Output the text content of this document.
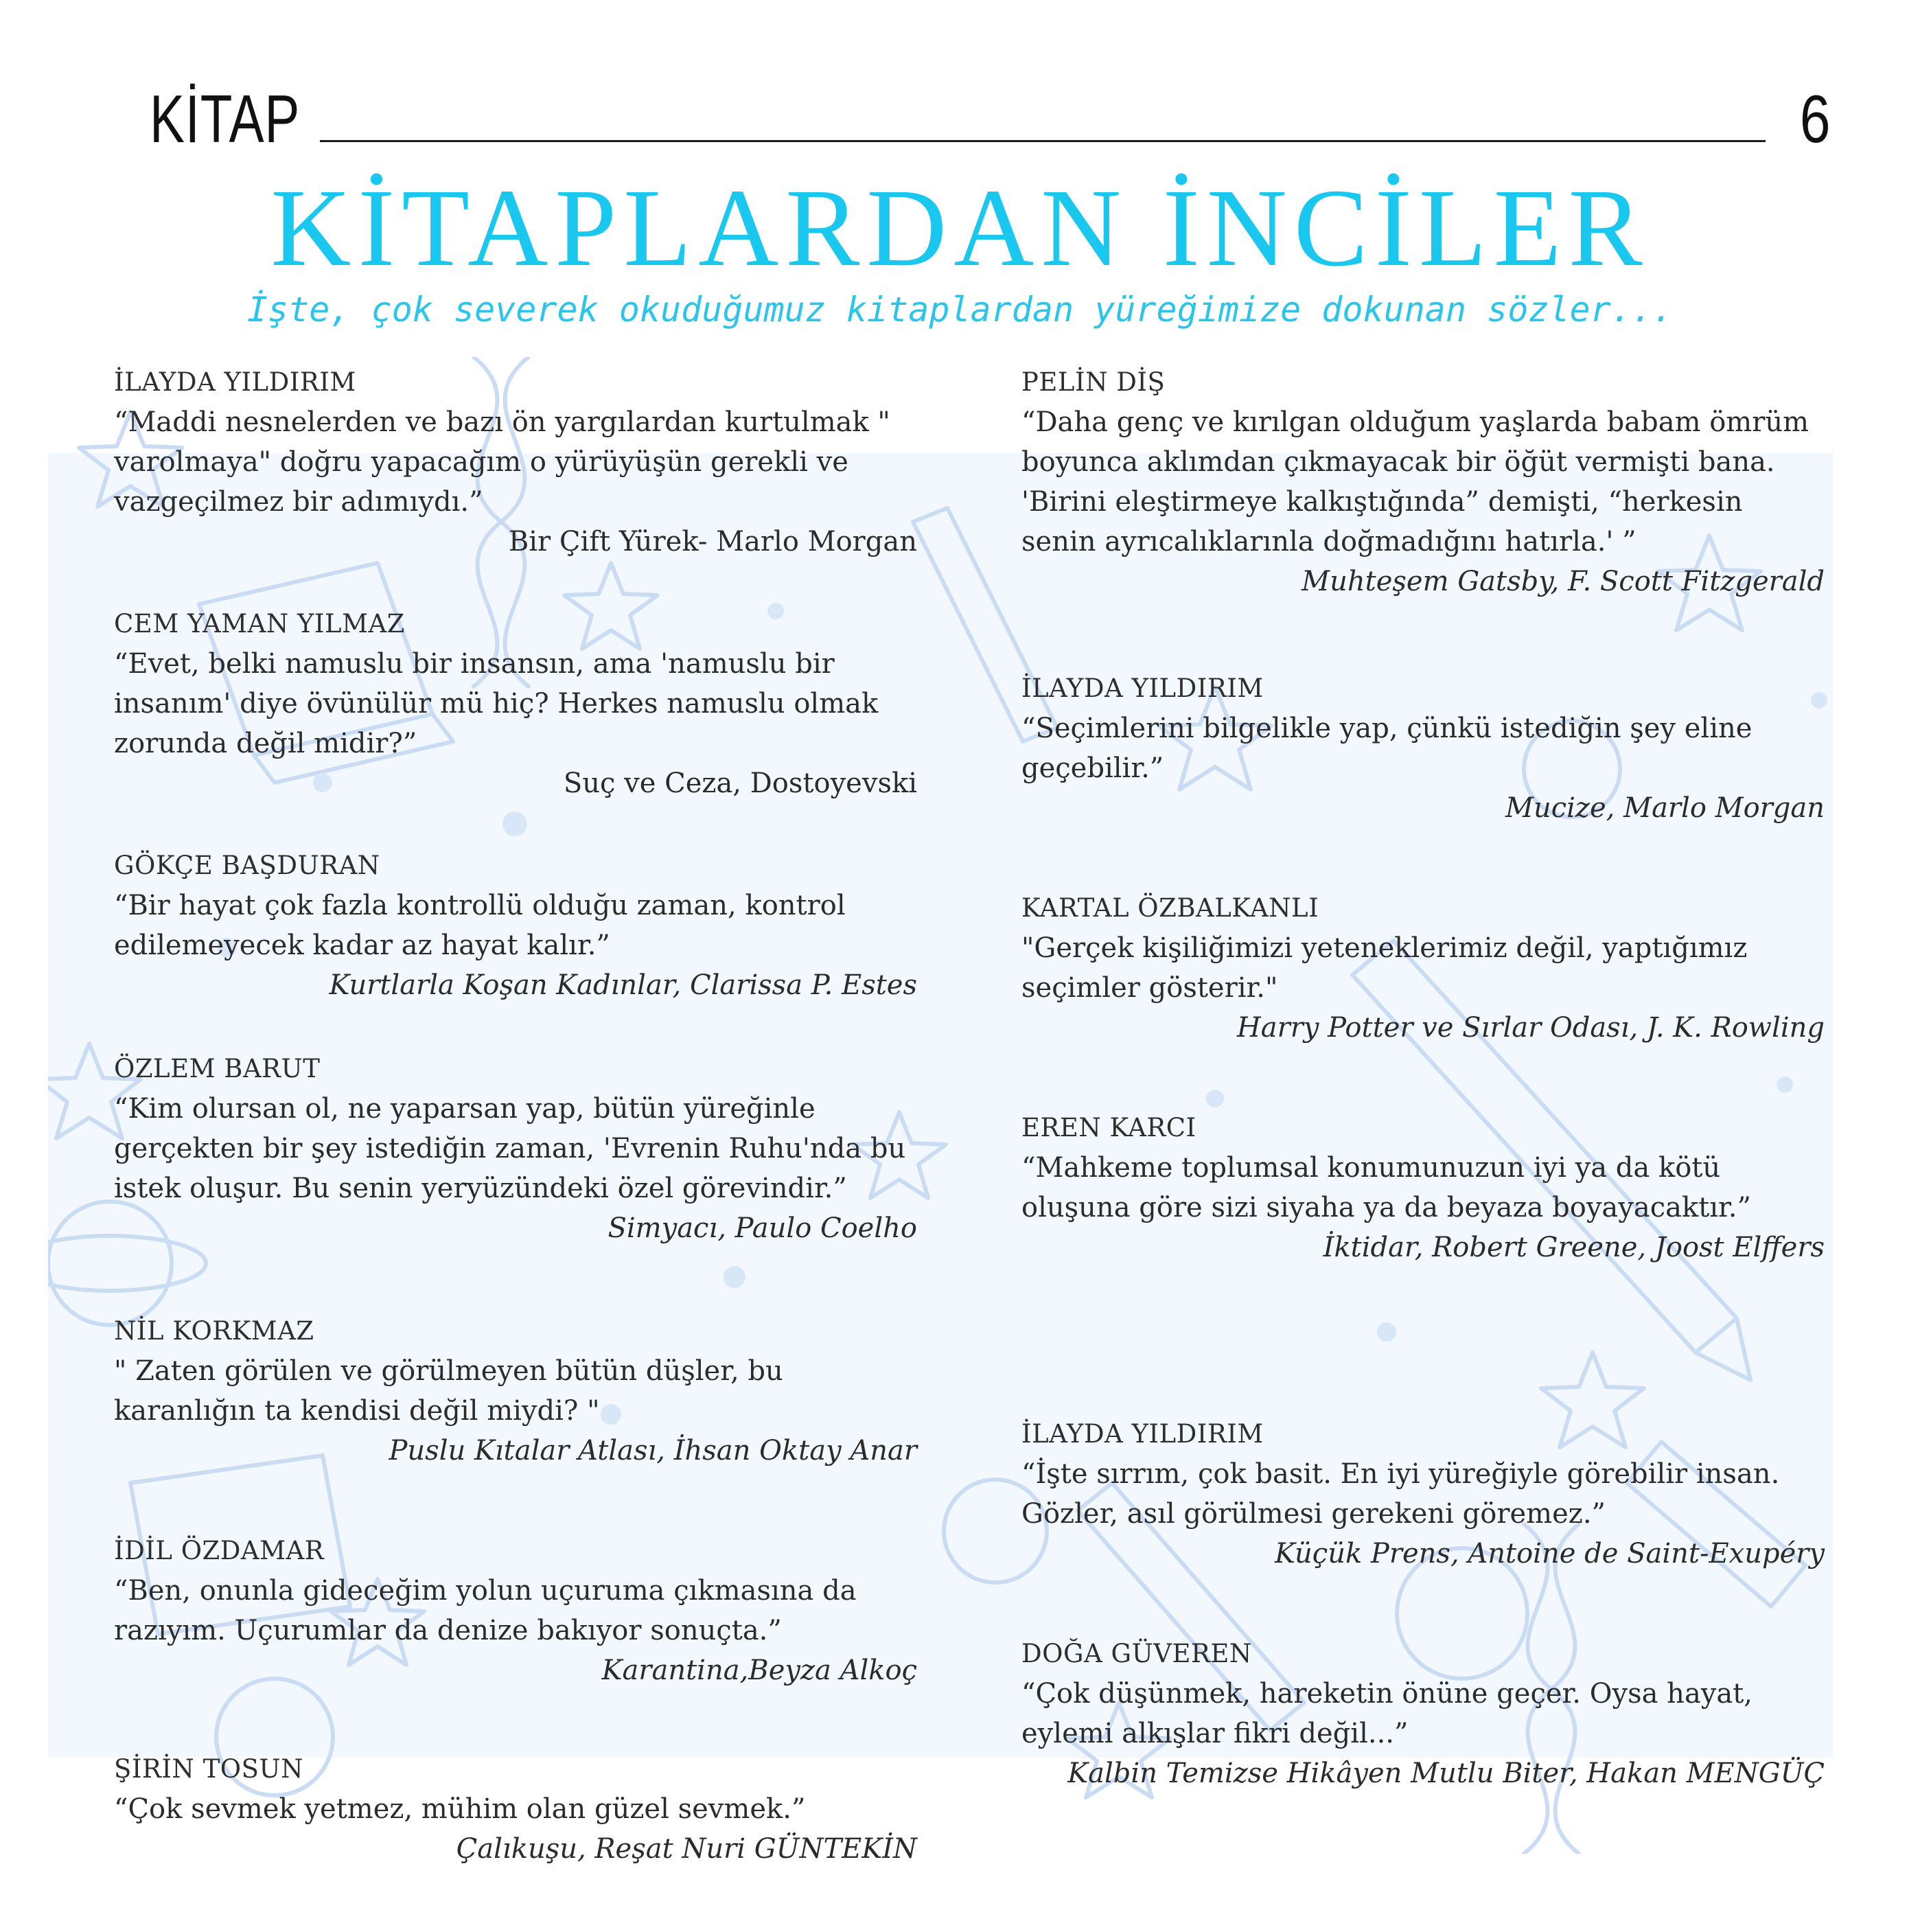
KİTAP	6
KİTAPLARDAN İNCİLER
İşte, çok severek okuduğumuz kitaplardan yüreğimize dokunan sözler...
İLAYDA YILDIRIM
“Maddi nesnelerden ve bazı ön yargılardan kurtulmak " varolmaya" doğru yapacağım o yürüyüşün gerekli ve vazgeçilmez bir adımıydı.”
Bir Çift Yürek- Marlo Morgan
CEM YAMAN YILMAZ
“Evet, belki namuslu bir insansın, ama 'namuslu bir insanım' diye övünülür mü hiç? Herkes namuslu olmak zorunda değil midir?”
Suç ve Ceza, Dostoyevski
GÖKÇE BAŞDURAN
“Bir hayat çok fazla kontrollü olduğu zaman, kontrol edilemeyecek kadar az hayat kalır.”
Kurtlarla Koşan Kadınlar, Clarissa P. Estes
ÖZLEM BARUT
“Kim olursan ol, ne yaparsan yap, bütün yüreğinle gerçekten bir şey istediğin zaman, 'Evrenin Ruhu'nda bu istek oluşur. Bu senin yeryüzündeki özel görevindir.”
Simyacı, Paulo Coelho
NİL KORKMAZ
" Zaten görülen ve görülmeyen bütün düşler, bu karanlığın ta kendisi değil miydi? "
Puslu Kıtalar Atlası, İhsan Oktay Anar
İDİL ÖZDAMAR
“Ben, onunla gideceğim yolun uçuruma çıkmasına da razıyım. Uçurumlar da denize bakıyor sonuçta.”
Karantina,Beyza Alkoç
ŞİRİN TOSUN
“Çok sevmek yetmez, mühim olan güzel sevmek.”
Çalıkuşu, Reşat Nuri GÜNTEKİN
PELİN DİŞ
“Daha genç ve kırılgan olduğum yaşlarda babam ömrüm boyunca aklımdan çıkmayacak bir öğüt vermişti bana. 'Birini eleştirmeye kalkıştığında” demişti, “herkesin senin ayrıcalıklarınla doğmadığını hatırla.' ”
Muhteşem Gatsby, F. Scott Fitzgerald
İLAYDA YILDIRIM
“Seçimlerini bilgelikle yap, çünkü istediğin şey eline geçebilir.”
Mucize, Marlo Morgan
KARTAL ÖZBALKANLI
"Gerçek kişiliğimizi yeteneklerimiz değil, yaptığımız seçimler gösterir."
Harry Potter ve Sırlar Odası, J. K. Rowling
EREN KARCI
“Mahkeme toplumsal konumunuzun iyi ya da kötü oluşuna göre sizi siyaha ya da beyaza boyayacaktır.”
İktidar, Robert Greene, Joost Elffers
İLAYDA YILDIRIM
“İşte sırrım, çok basit. En iyi yüreğiyle görebilir insan. Gözler, asıl görülmesi gerekeni göremez.”
Küçük Prens, Antoine de Saint-Exupéry
DOĞA GÜVEREN
“Çok düşünmek, hareketin önüne geçer. Oysa hayat, eylemi alkışlar fikri değil...”
Kalbin Temizse Hikâyen Mutlu Biter, Hakan MENGÜÇ
